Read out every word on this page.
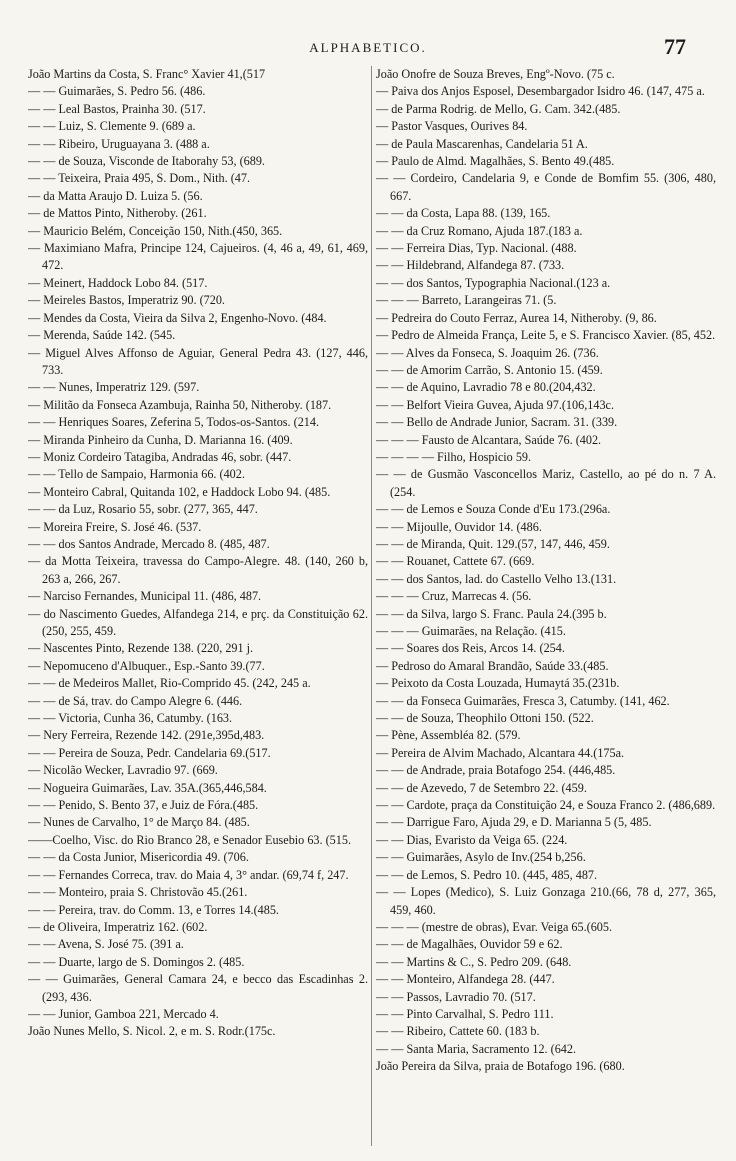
ALPHABETICO.	77

João Martins da Costa, S. Franc° Xavier 41,(517

— — Guimarães, S. Pedro 56. (486.

— — Leal Bastos, Prainha 30. (517.

— — Luiz, S. Clemente 9. (689 a.

— — Ribeiro, Uruguayana 3. (488 a.

— — de Souza, Visconde de Itaborahy 53, (689.

— — Teixeira, Praia 495, S. Dom., Nith. (47.

— da Matta Araujo D. Luiza 5. (56.

— de Mattos Pinto, Nitheroby. (261.

— Mauricio Belém, Conceição 150, Nith.(450, 365.

— Maximiano Mafra, Principe 124, Cajueiros. (4, 46 a, 49, 61, 469, 472.

— Meinert, Haddock Lobo 84. (517.

— Meireles Bastos, Imperatriz 90. (720.

— Mendes da Costa, Vieira da Silva 2, Engenho-Novo. (484.

— Merenda, Saúde 142. (545.

— Miguel Alves Affonso de Aguiar, General Pedra 43. (127, 446, 733.

— — Nunes, Imperatriz 129. (597.

— Militão da Fonseca Azambuja, Rainha 50, Nitheroby. (187.

— — Henriques Soares, Zeferina 5, Todos-os-Santos. (214.

— Miranda Pinheiro da Cunha, D. Marianna 16. (409.

— Moniz Cordeiro Tatagiba, Andradas 46, sobr. (447.

— — Tello de Sampaio, Harmonia 66. (402.

— Monteiro Cabral, Quitanda 102, e Haddock Lobo 94. (485.

— — da Luz, Rosario 55, sobr. (277, 365, 447.

— Moreira Freire, S. José 46. (537.

— — dos Santos Andrade, Mercado 8. (485, 487.

— da Motta Teixeira, travessa do Campo-Alegre. 48. (140, 260 b, 263 a, 266, 267.

— Narciso Fernandes, Municipal 11. (486, 487.

— do Nascimento Guedes, Alfandega 214, e prç. da Constituição 62. (250, 255, 459.

— Nascentes Pinto, Rezende 138. (220, 291 j.

— Nepomuceno d'Albuquer., Esp.-Santo 39.(77.

— — de Medeiros Mallet, Rio-Comprido 45. (242, 245 a.

— — de Sá, trav. do Campo Alegre 6. (446.

— — Victoria, Cunha 36, Catumby. (163.

— Nery Ferreira, Rezende 142. (291e,395d,483.

— — Pereira de Souza, Pedr. Candelaria 69.(517.

— Nicolão Wecker, Lavradio 97. (669.

— Nogueira Guimarães, Lav. 35A.(365,446,584.

— — Penido, S. Bento 37, e Juiz de Fóra.(485.

— Nunes de Carvalho, 1° de Março 84. (485.

——Coelho, Visc. do Rio Branco 28, e Senador Eusebio 63. (515.

— — da Costa Junior, Misericordia 49. (706.

— — Fernandes Correca, trav. do Maia 4, 3° andar. (69,74 f, 247.

— — Monteiro, praia S. Christovão 45.(261.

— — Pereira, trav. do Comm. 13, e Torres 14.(485.

— de Oliveira, Imperatriz 162. (602.

— — Avena, S. José 75. (391 a.

— — Duarte, largo de S. Domingos 2. (485.

— — Guimarães, General Camara 24, e becco das Escadinhas 2. (293, 436.

— — Junior, Gamboa 221, Mercado 4.

João Nunes Mello, S. Nicol. 2, e m. S. Rodr.(175c.

João Onofre de Souza Breves, Engº-Novo. (75 c.

— Paiva dos Anjos Esposel, Desembargador Isidro 46. (147, 475 a.

— de Parma Rodrig. de Mello, G. Cam. 342.(485.

— Pastor Vasques, Ourives 84.

— de Paula Mascarenhas, Candelaria 51 A.

— Paulo de Almd. Magalhães, S. Bento 49.(485.

— — Cordeiro, Candelaria 9, e Conde de Bomfim 55. (306, 480, 667.

— — da Costa, Lapa 88. (139, 165.

— — da Cruz Romano, Ajuda 187.(183 a.

— — Ferreira Dias, Typ. Nacional. (488.

— — Hildebrand, Alfandega 87. (733.

— — dos Santos, Typographia Nacional.(123 a.

— — — Barreto, Larangeiras 71. (5.

— Pedreira do Couto Ferraz, Aurea 14, Nitheroby. (9, 86.

— Pedro de Almeida França, Leite 5, e S. Francisco Xavier. (85, 452.

— — Alves da Fonseca, S. Joaquim 26. (736.

— — de Amorim Carrão, S. Antonio 15. (459.

— — de Aquino, Lavradio 78 e 80.(204,432.

— — Belfort Vieira Guvea, Ajuda 97.(106,143c.

— — Bello de Andrade Junior, Sacram. 31. (339.

— — — Fausto de Alcantara, Saúde 76. (402.

— — — — Filho, Hospicio 59.

— — de Gusmão Vasconcellos Mariz, Castello, ao pé do n. 7 A. (254.

— — de Lemos e Souza Conde d'Eu 173.(296a.

— — Mijoulle, Ouvidor 14. (486.

— — de Miranda, Quit. 129.(57, 147, 446, 459.

— — Rouanet, Cattete 67. (669.

— — dos Santos, lad. do Castello Velho 13.(131.

— — — Cruz, Marrecas 4. (56.

— — da Silva, largo S. Franc. Paula 24.(395 b.

— — — Guimarães, na Relação. (415.

— — Soares dos Reis, Arcos 14. (254.

— Pedroso do Amaral Brandão, Saúde 33.(485.

— Peixoto da Costa Louzada, Humaytá 35.(231b.

— — da Fonseca Guimarães, Fresca 3, Catumby. (141, 462.

— — de Souza, Theophilo Ottoni 150. (522.

— Pène, Assembléa 82. (579.

— Pereira de Alvim Machado, Alcantara 44.(175a.

— — de Andrade, praia Botafogo 254. (446,485.

— — de Azevedo, 7 de Setembro 22. (459.

— — Cardote, praça da Constituição 24, e Souza Franco 2. (486,689.

— — Darrigue Faro, Ajuda 29, e D. Marianna 5 (5, 485.

— — Dias, Evaristo da Veiga 65. (224.

— — Guimarães, Asylo de Inv.(254 b,256.

— — de Lemos, S. Pedro 10. (445, 485, 487.

— — Lopes (Medico), S. Luiz Gonzaga 210.(66, 78 d, 277, 365, 459, 460.

— — — (mestre de obras), Evar. Veiga 65.(605.

— — de Magalhães, Ouvidor 59 e 62.

— — Martins & C., S. Pedro 209. (648.

— — Monteiro, Alfandega 28. (447.

— — Passos, Lavradio 70. (517.

— — Pinto Carvalhal, S. Pedro 111.

— — Ribeiro, Cattete 60. (183 b.

— — Santa Maria, Sacramento 12. (642.

João Pereira da Silva, praia de Botafogo 196. (680.
